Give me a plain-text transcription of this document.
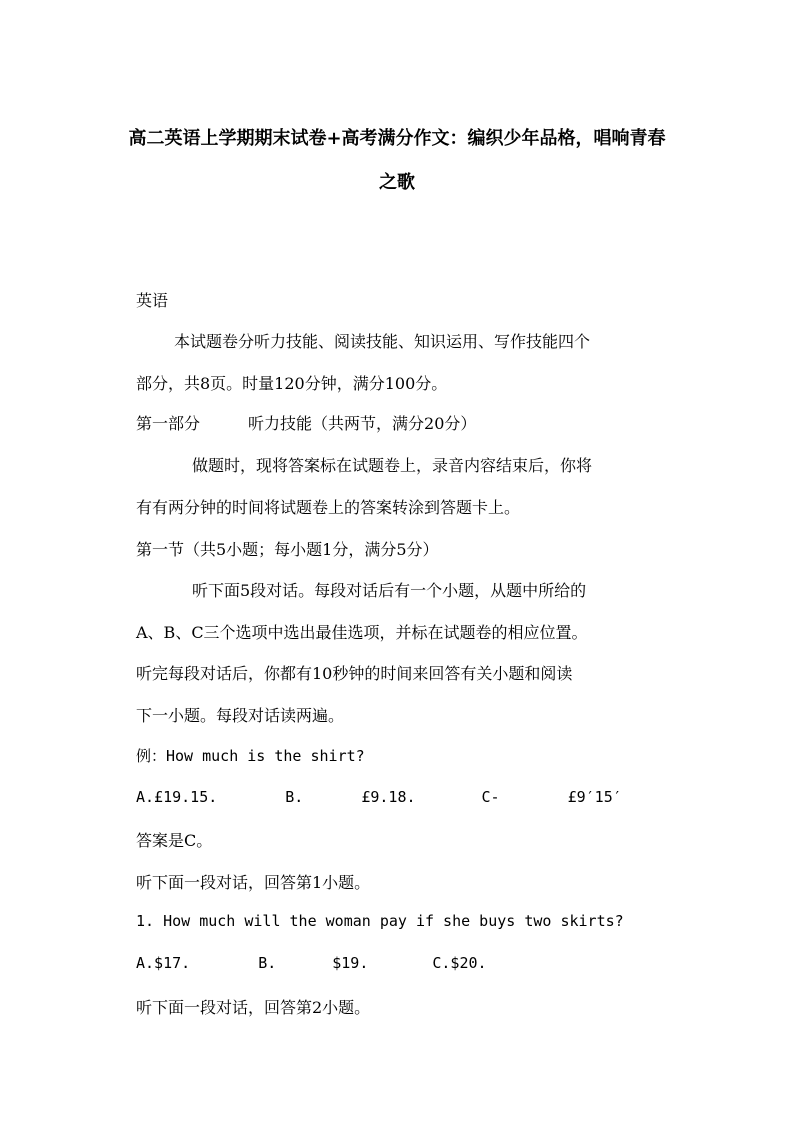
高二英语上学期期末试卷+高考满分作文：编织少年品格，唱响青春

之歌

英语

本试题卷分听力技能、阅读技能、知识运用、写作技能四个

部分，共8页。时量120分钟，满分100分。

第一部分	听力技能（共两节，满分20分）

做题时，现将答案标在试题卷上，录音内容结束后，你将

有有两分钟的时间将试题卷上的答案转涂到答题卡上。

第一节（共5小题；每小题1分，满分5分）

听下面5段对话。每段对话后有一个小题，从题中所给的

A、B、C三个选项中选出最佳选项，并标在试题卷的相应位置。

听完每段对话后，你都有10秒钟的时间来回答有关小题和阅读

下一小题。每段对话读两遍。

例：How much is the shirt?

A.£19.15.	B.	£9.18.	C-	£9′15′

答案是C。

听下面一段对话，回答第1小题。

1. How much will the woman pay if she buys two skirts?

A.$17.	B.	$19.	C.$20.

听下面一段对话，回答第2小题。
